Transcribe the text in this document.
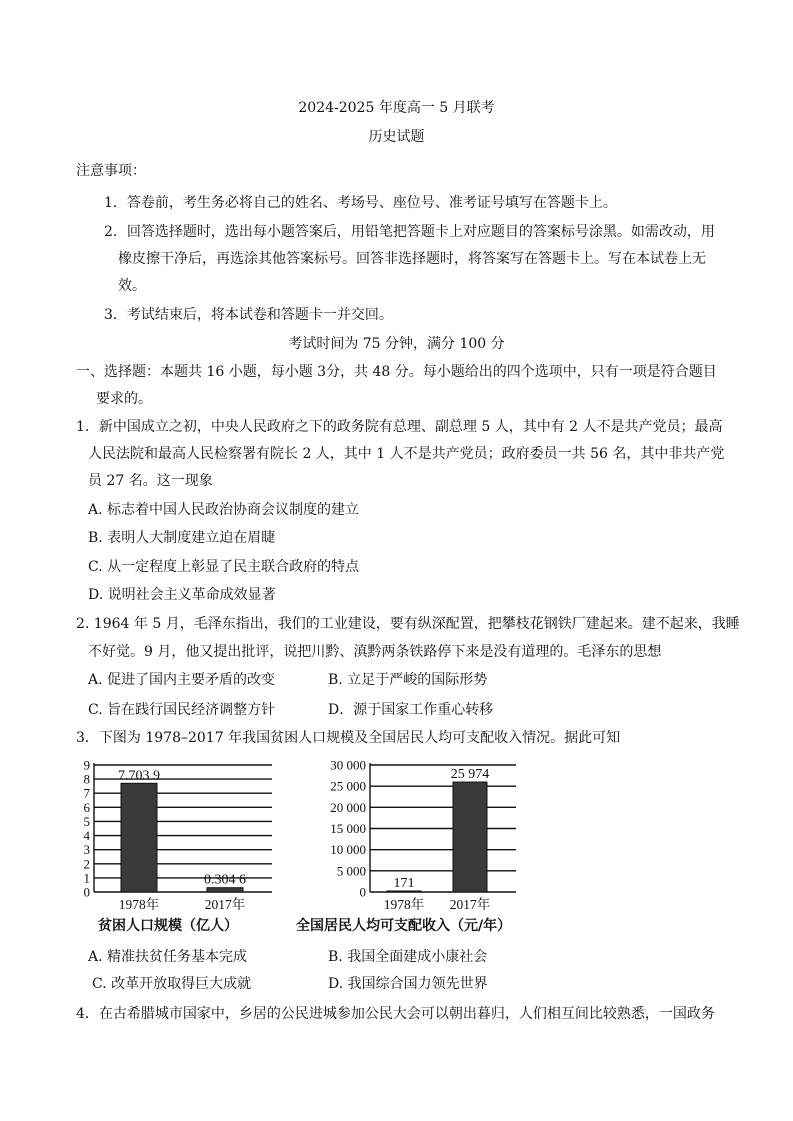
2024-2025 年度高一 5 月联考
历史试题
注意事项：
1．答卷前，考生务必将自己的姓名、考场号、座位号、准考证号填写在答题卡上。
2．回答选择题时，选出每小题答案后，用铅笔把答题卡上对应题目的答案标号涂黑。如需改动，用
橡皮擦干净后，再选涂其他答案标号。回答非选择题时，将答案写在答题卡上。写在本试卷上无
效。
3．考试结束后，将本试卷和答题卡一并交回。
考试时间为 75 分钟，满分 100 分
一、选择题：本题共 16 小题，每小题 3分，共 48 分。每小题给出的四个选项中，只有一项是符合题目
要求的。
1．新中国成立之初，中央人民政府之下的政务院有总理、副总理 5 人，其中有 2 人不是共产党员；最高
人民法院和最高人民检察署有院长 2 人，其中 1 人不是共产党员；政府委员一共 56 名，其中非共产党
员 27 名。这一现象
A. 标志着中国人民政治协商会议制度的建立
B. 表明人大制度建立迫在眉睫
C. 从一定程度上彰显了民主联合政府的特点
D. 说明社会主义革命成效显著
2. 1964 年 5 月，毛泽东指出，我们的工业建设，要有纵深配置，把攀枝花钢铁厂建起来。建不起来，我睡
不好觉。9 月，他又提出批评，说把川黔、滇黔两条铁路停下来是没有道理的。毛泽东的思想
A. 促进了国内主要矛盾的改变	B. 立足于严峻的国际形势
C. 旨在践行国民经济调整方针	D．源于国家工作重心转移
3．下图为 1978–2017 年我国贫困人口规模及全国居民人均可支配收入情况。据此可知
0
1
2
3
4
5
6
7
8
9
7.703 9
1978年
0.304 6
2017年
0
5 000
10 000
15 000
20 000
25 000
30 000
171
1978年
25 974
2017年
贫困人口规模（亿人）	全国居民人均可支配收入（元/年）
A. 精准扶贫任务基本完成	B. 我国全面建成小康社会
C. 改革开放取得巨大成就	D. 我国综合国力领先世界
4．在古希腊城市国家中，乡居的公民进城参加公民大会可以朝出暮归，人们相互间比较熟悉，一国政务
